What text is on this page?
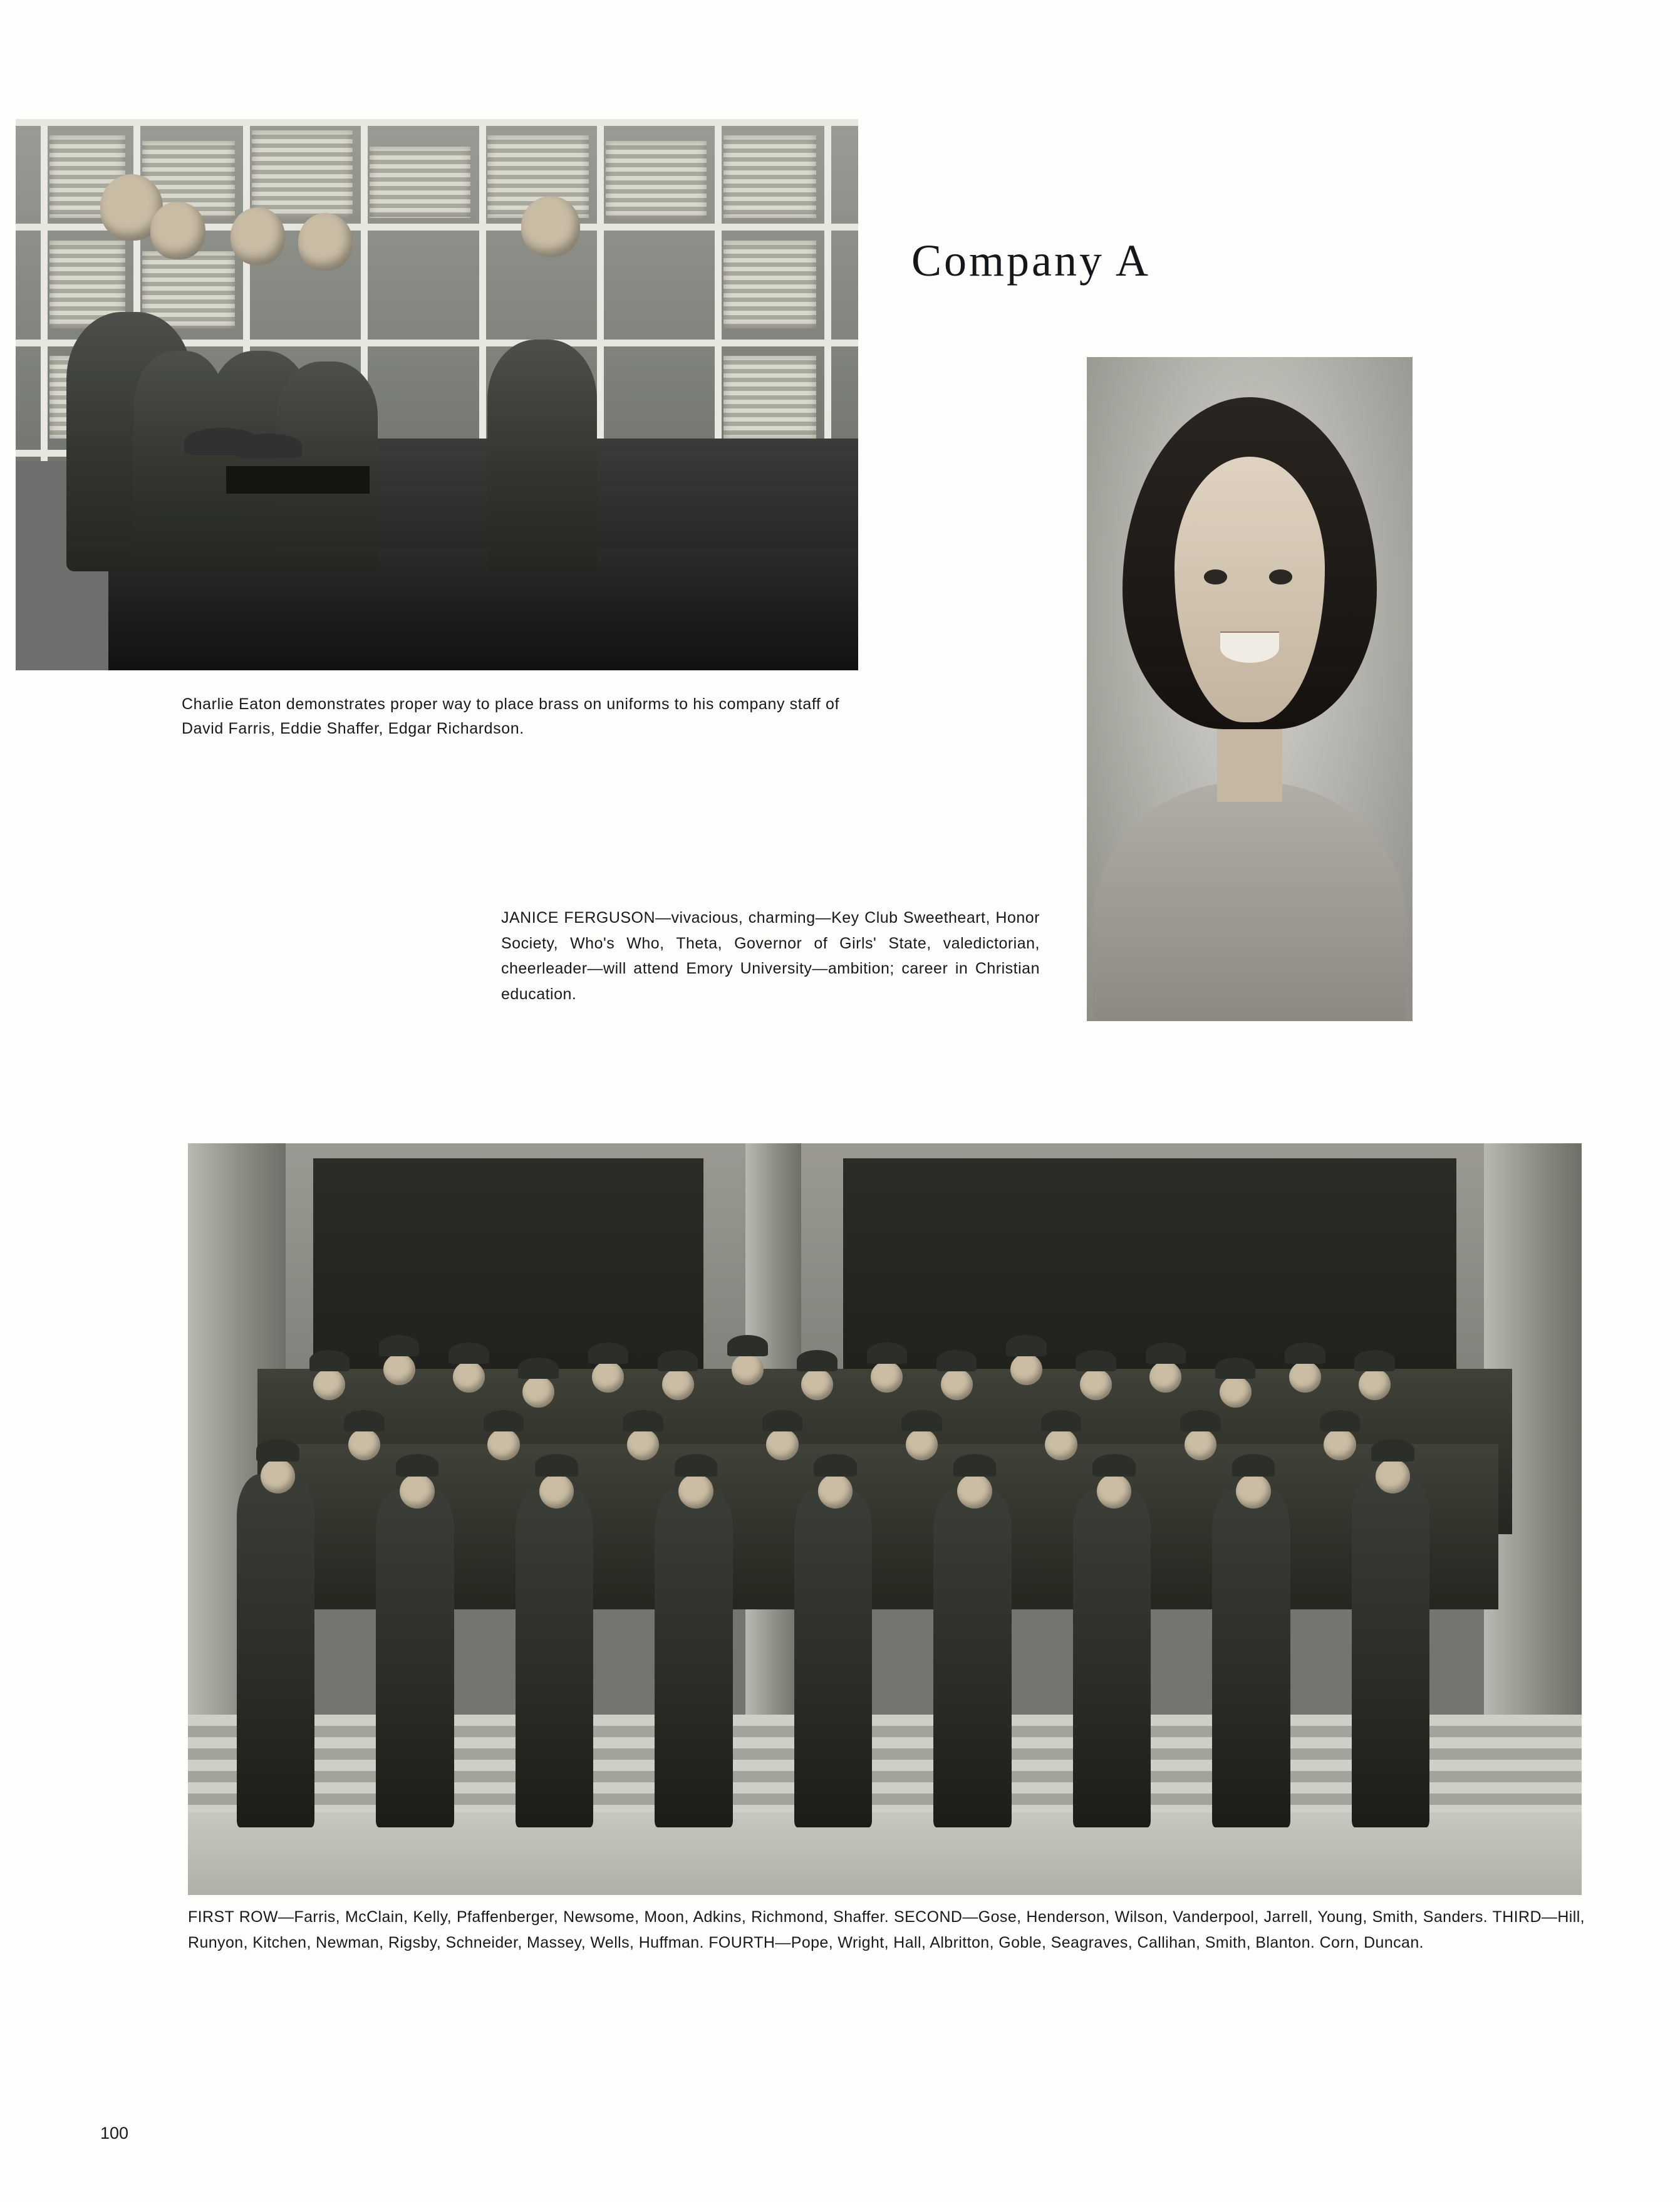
Company A
Charlie Eaton demonstrates proper way to place brass on uniforms to his company staff of David Farris, Eddie Shaffer, Edgar Richardson.
JANICE FERGUSON—vivacious, charming—Key Club Sweetheart, Honor Society, Who's Who, Theta, Governor of Girls' State, valedictorian, cheerleader—will attend Emory University—ambition; career in Christian education.
FIRST ROW—Farris, McClain, Kelly, Pfaffenberger, Newsome, Moon, Adkins, Richmond, Shaffer. SECOND—Gose, Henderson, Wilson, Vanderpool, Jarrell, Young, Smith, Sanders. THIRD—Hill, Runyon, Kitchen, Newman, Rigsby, Schneider, Massey, Wells, Huffman. FOURTH—Pope, Wright, Hall, Albritton, Goble, Seagraves, Callihan, Smith, Blanton. Corn, Duncan.
100
